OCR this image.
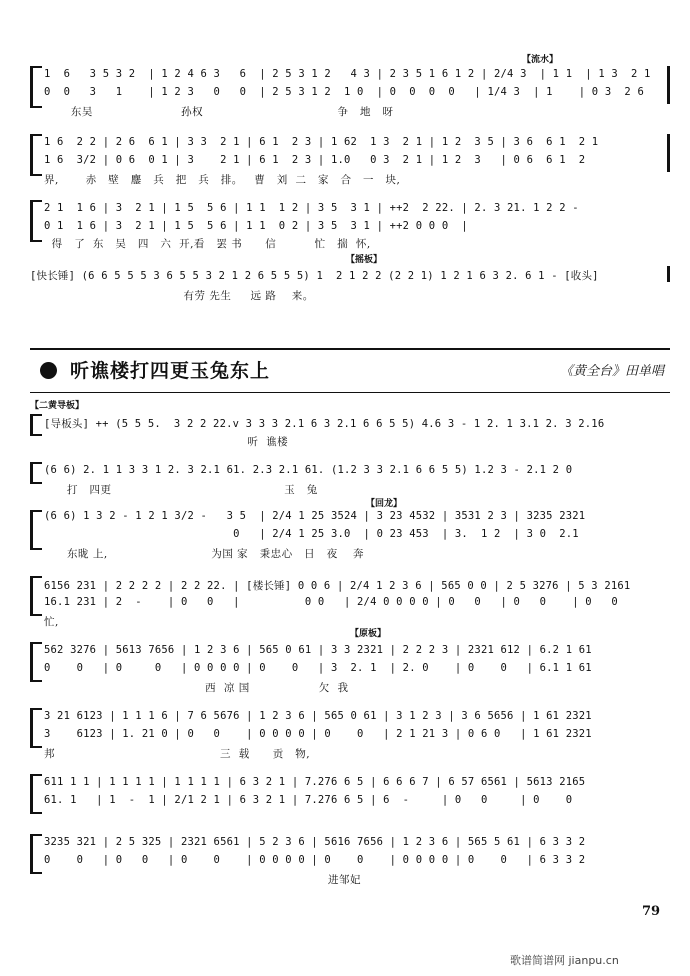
【流水】
1  6   3 5 3 2  | 1 2 4 6 3   6  | 2 5 3 1 2   4 3 | 2 3 5 1 6 1 2 | 2/4 3  | 1 1  | 1 3  2 1
0  0   3   1    | 1 2 3   0   0  | 2 5 3 1 2  1 0  | 0  0  0  0   | 1/4 3  | 1    | 0 3  2 6
东吴                       孙权                                   争   地   呀
1 6  2 2 | 2 6  6 1 | 3 3  2 1 | 6 1  2 3 | 1 62  1 3  2 1 | 1 2  3 5 | 3 6  6 1  2 1
1 6  3/2 | 0 6  0 1 | 3    2 1 | 6 1  2 3 | 1.0   0 3  2 1 | 1 2  3   | 0 6  6 1  2
界,       赤   壁   鏖   兵   把   兵   排。   曹   刘  二   家   合   一   块,
2 1  1 6 | 3  2 1 | 1 5  5 6 | 1 1  1 2 | 3 5  3 1 | ++2  2 22. | 2. 3 21. 1 2 2 -
0 1  1 6 | 3  2 1 | 1 5  5 6 | 1 1  0 2 | 3 5  3 1 | ++2 0 0 0  |
得   了  东   吴   四   六  开,看   罢 书      信          忙   揣  怀,
【摇板】
[快长锤] (6 6 5 5 5 3 6 5 5 3 2 1 2 6 5 5 5) 1  2 1 2 2 (2 2 1) 1 2 1 6 3 2. 6 1 - [收头]
有劳 先生     远 路    来。
听谯楼打四更玉兔东上	《黄全台》田单唱
【二黄导板】
[导板头] ++ (5 5 5.  3 2 2 22.v 3 3 3 2.1 6 3 2.1 6 6 5 5) 4.6 3 - 1 2. 1 3.1 2. 3 2.16
听  谯楼
(6 6) 2. 1 1 3 3 1 2. 3 2.1 61. 2.3 2.1 61. (1.2 3 3 2.1 6 6 5 5) 1.2 3 - 2.1 2 0
打   四更                                             玉   兔
【回龙】
(6 6) 1 3 2 - 1 2 1 3/2 -   3 5  | 2/4 1 25 3524 | 3 23 4532 | 3531 2 3 | 3235 2321
0   | 2/4 1 25 3.0  | 0 23 453  | 3.  1 2  | 3 0  2.1
东昽 上,                           为国 家   秉忠心   日   夜    奔
6156 231 | 2 2 2 2 | 2 2 22. | [楼长锤] 0 0 6 | 2/4 1 2 3 6 | 565 0 0 | 2 5 3276 | 5 3 2161
16.1 231 | 2  -    | 0   0   |          0 0   | 2/4 0 0 0 0 | 0   0   | 0   0    | 0   0
忙,
【原板】
562 3276 | 5613 7656 | 1 2 3 6 | 565 0 61 | 3 3 2321 | 2 2 2 3 | 2321 612 | 6.2 1 61
0    0   | 0     0   | 0 0 0 0 | 0    0   | 3  2. 1  | 2. 0    | 0    0   | 6.1 1 61
西  凉 国                  欠  我
3 21 6123 | 1 1 1 6 | 7 6 5676 | 1 2 3 6 | 565 0 61 | 3 1 2 3 | 3 6 5656 | 1 61 2321
3    6123 | 1. 21 0 | 0   0    | 0 0 0 0 | 0    0   | 2 1 21 3 | 0 6 0   | 1 61 2321
邦                                           三  载      贡   物,
611 1 1 | 1 1 1 1 | 1 1 1 1 | 6 3 2 1 | 7.276 6 5 | 6 6 6 7 | 6 57 6561 | 5613 2165
61. 1   | 1  -  1 | 2/1 2 1 | 6 3 2 1 | 7.276 6 5 | 6  -     | 0   0     | 0    0
3235 321 | 2 5 325 | 2321 6561 | 5 2 3 6 | 5616 7656 | 1 2 3 6 | 565 5 61 | 6 3 3 2
0    0   | 0   0   | 0    0    | 0 0 0 0 | 0    0    | 0 0 0 0 | 0    0   | 6 3 3 2
进邹妃
79
歌谱简谱网 jianpu.cn
